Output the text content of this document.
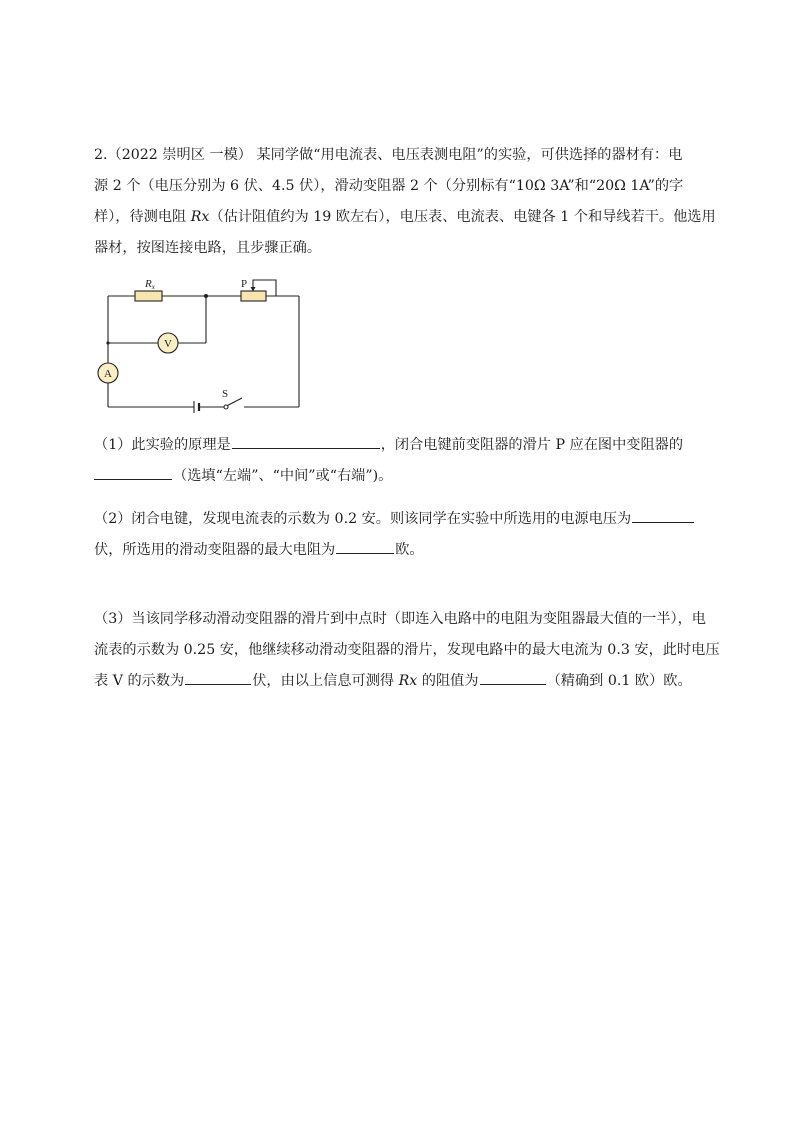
2.（2022 崇明区 一模） 某同学做“用电流表、电压表测电阻”的实验，可供选择的器材有：电
源 2 个（电压分别为 6 伏、4.5 伏），滑动变阻器 2 个（分别标有“10Ω 3A”和“20Ω 1A”的字
样），待测电阻 Rx（估计阻值约为 19 欧左右），电压表、电流表、电键各 1 个和导线若干。他选用
器材，按图连接电路，且步骤正确。
Rx	P
V
A
S
（1）此实验的原理是	，闭合电键前变阻器的滑片 P 应在图中变阻器的
（选填“左端”、“中间”或“右端”)。
（2）闭合电键，发现电流表的示数为 0.2 安。则该同学在实验中所选用的电源电压为
伏，所选用的滑动变阻器的最大电阻为	欧。
（3）当该同学移动滑动变阻器的滑片到中点时（即连入电路中的电阻为变阻器最大值的一半），电
流表的示数为 0.25 安，他继续移动滑动变阻器的滑片，发现电路中的最大电流为 0.3 安，此时电压
表 V 的示数为	伏，由以上信息可测得 Rx 的阻值为	（精确到 0.1 欧）欧。
